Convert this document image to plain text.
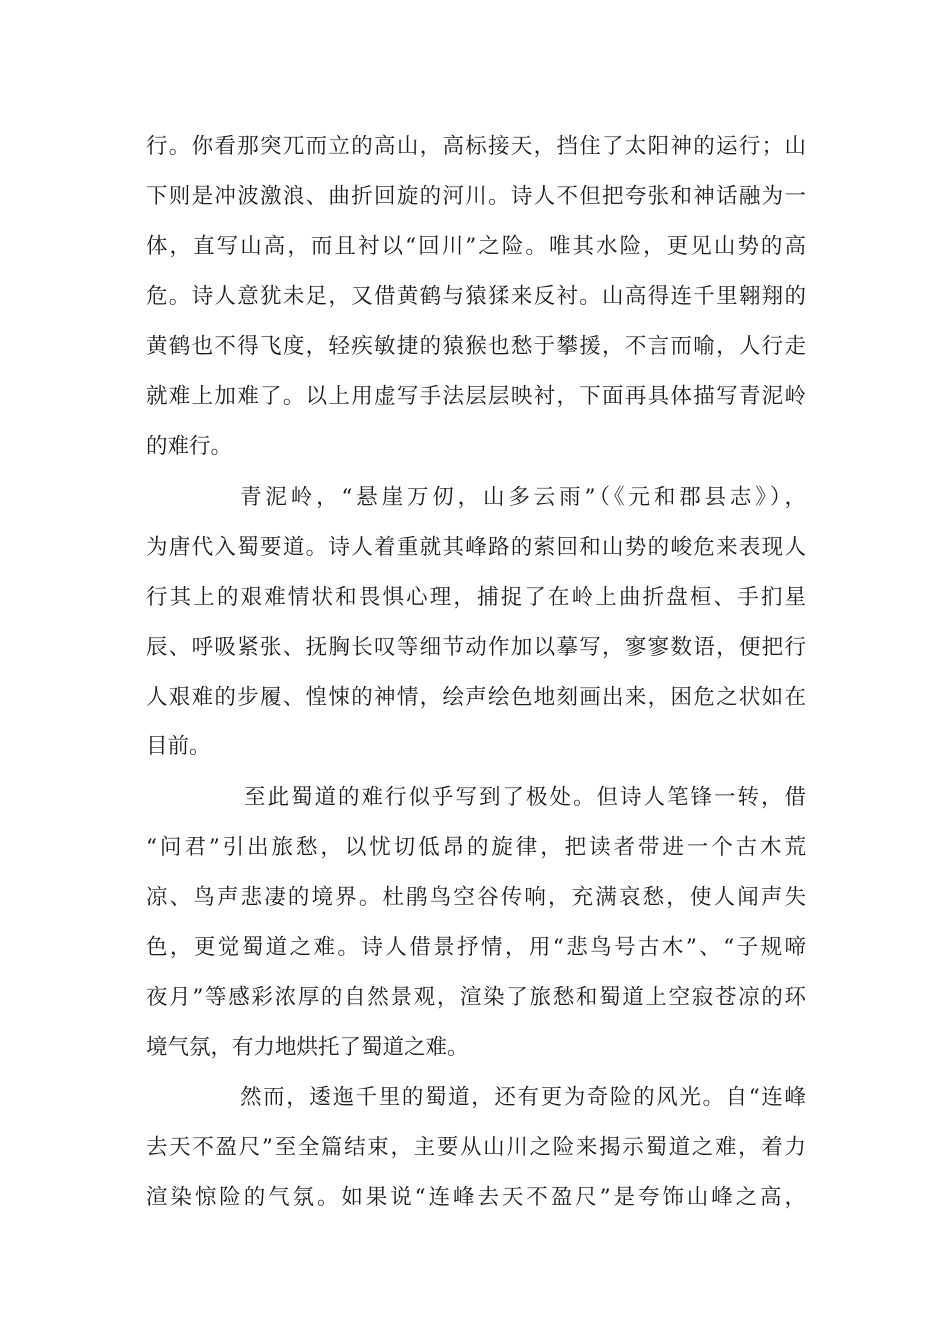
行。你看那突兀而立的高山，高标接天，挡住了太阳神的运行；山
下则是冲波激浪、曲折回旋的河川。诗人不但把夸张和神话融为一
体，直写山高，而且衬以“回川”之险。唯其水险，更见山势的高
危。诗人意犹未足，又借黄鹤与猿猱来反衬。山高得连千里翱翔的
黄鹤也不得飞度，轻疾敏捷的猿猴也愁于攀援，不言而喻，人行走
就难上加难了。以上用虚写手法层层映衬，下面再具体描写青泥岭
的难行。
青泥岭，“悬崖万仞，山多云雨”（《元和郡县志》），
为唐代入蜀要道。诗人着重就其峰路的萦回和山势的峻危来表现人
行其上的艰难情状和畏惧心理，捕捉了在岭上曲折盘桓、手扪星
辰、呼吸紧张、抚胸长叹等细节动作加以摹写，寥寥数语，便把行
人艰难的步履、惶悚的神情，绘声绘色地刻画出来，困危之状如在
目前。
至此蜀道的难行似乎写到了极处。但诗人笔锋一转，借
“问君”引出旅愁，以忧切低昂的旋律，把读者带进一个古木荒
凉、鸟声悲凄的境界。杜鹃鸟空谷传响，充满哀愁，使人闻声失
色，更觉蜀道之难。诗人借景抒情，用“悲鸟号古木”、“子规啼
夜月”等感彩浓厚的自然景观，渲染了旅愁和蜀道上空寂苍凉的环
境气氛，有力地烘托了蜀道之难。
然而，逶迤千里的蜀道，还有更为奇险的风光。自“连峰
去天不盈尺”至全篇结束，主要从山川之险来揭示蜀道之难，着力
渲染惊险的气氛。如果说“连峰去天不盈尺”是夸饰山峰之高，
